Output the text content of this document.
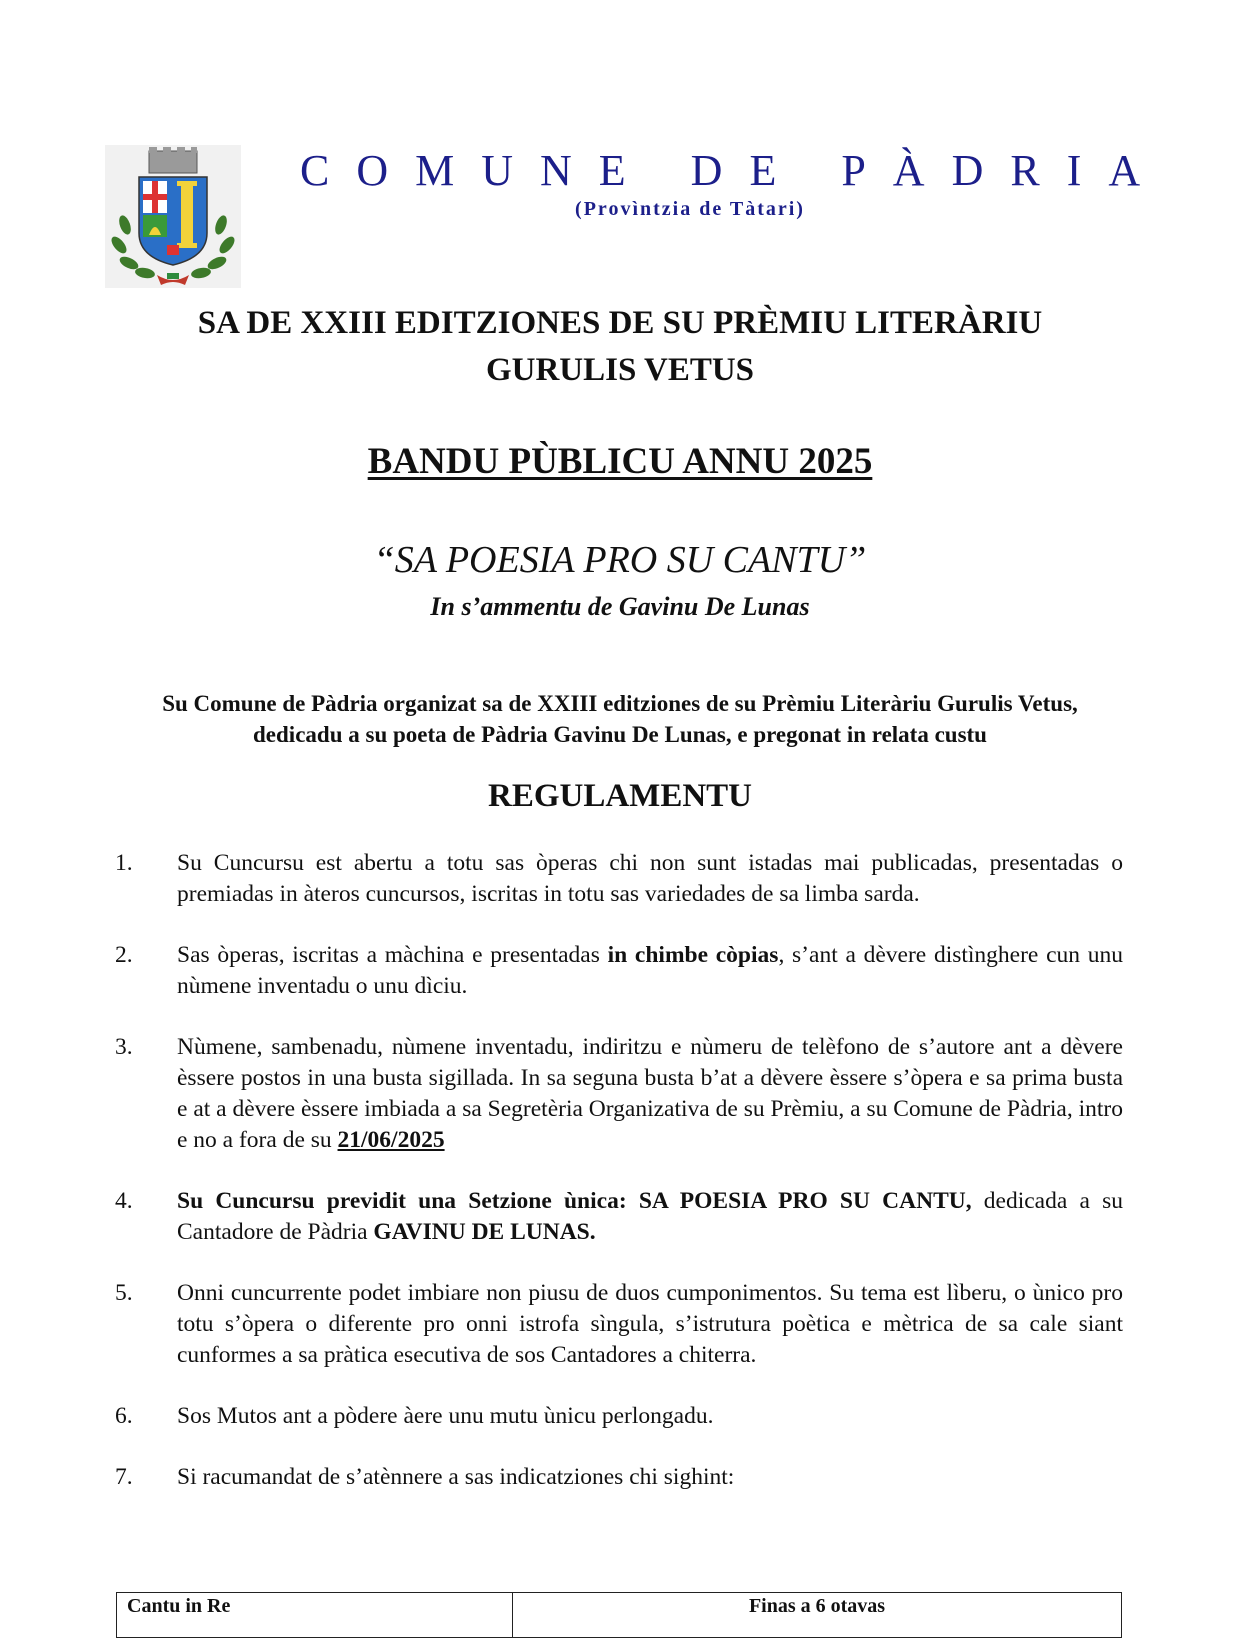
COMUNE DE PÀDRIA
(Provìntzia de Tàtari)
SA DE XXIII EDITZIONES DE SU PRÈMIU LITERÀRIU
GURULIS VETUS
BANDU PÙBLICU ANNU 2025
“SA POESIA PRO SU CANTU”
In s’ammentu de Gavinu De Lunas
Su Comune de Pàdria organizat sa de XXIII editziones de su Prèmiu Literàriu Gurulis Vetus, dedicadu a su poeta de Pàdria Gavinu De Lunas, e pregonat in relata custu
REGULAMENTU
1. Su Cuncursu est abertu a totu sas òperas chi non sunt istadas mai publicadas, presentadas o premiadas in àteros cuncursos, iscritas in totu sas variedades de sa limba sarda.
2. Sas òperas, iscritas a màchina e presentadas in chimbe còpias, s’ant a dèvere distìnghere cun unu nùmene inventadu o unu dìciu.
3. Nùmene, sambenadu, nùmene inventadu, indiritzu e nùmeru de telèfono de s’autore ant a dèvere èssere postos in una busta sigillada. In sa seguna busta b’at a dèvere èssere s’òpera e sa prima busta e at a dèvere èssere imbiada a sa Segretèria Organizativa de su Prèmiu, a su Comune de Pàdria, intro e no a fora de su 21/06/2025
4. Su Cuncursu previdit una Setzione ùnica: SA POESIA PRO SU CANTU, dedicada a su Cantadore de Pàdria GAVINU DE LUNAS.
5. Onni cuncurrente podet imbiare non piusu de duos cumponimentos. Su tema est lìberu, o ùnico pro totu s’òpera o diferente pro onni istrofa sìngula, s’istrutura poètica e mètrica de sa cale siant cunformes a sa pràtica esecutiva de sos Cantadores a chiterra.
6. Sos Mutos ant a pòdere àere unu mutu ùnicu perlongadu.
7. Si racumandat de s’atènnere a sas indicatziones chi sighint:
Cantu in Re	Finas a 6 otavas
